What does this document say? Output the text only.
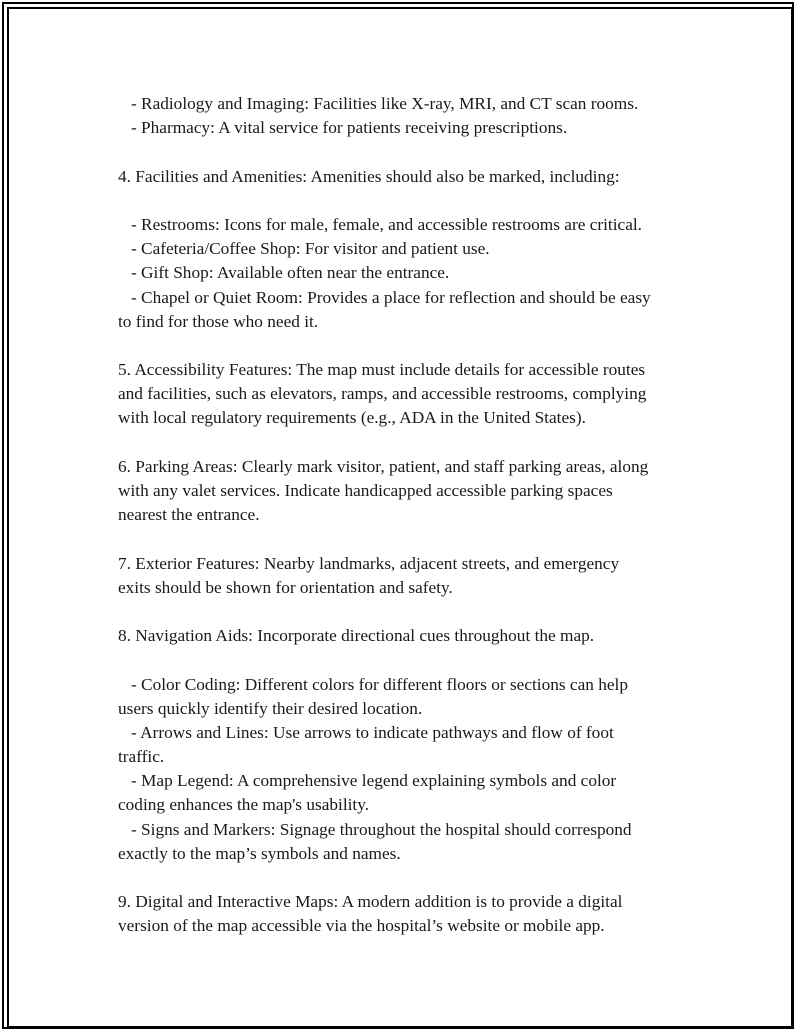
- Radiology and Imaging: Facilities like X-ray, MRI, and CT scan rooms.

- Pharmacy: A vital service for patients receiving prescriptions.

4. Facilities and Amenities: Amenities should also be marked, including:

- Restrooms: Icons for male, female, and accessible restrooms are critical.

- Cafeteria/Coffee Shop: For visitor and patient use.

- Gift Shop: Available often near the entrance.

- Chapel or Quiet Room: Provides a place for reflection and should be easy

to find for those who need it.

5. Accessibility Features: The map must include details for accessible routes

and facilities, such as elevators, ramps, and accessible restrooms, complying

with local regulatory requirements (e.g., ADA in the United States).

6. Parking Areas: Clearly mark visitor, patient, and staff parking areas, along

with any valet services. Indicate handicapped accessible parking spaces

nearest the entrance.

7. Exterior Features: Nearby landmarks, adjacent streets, and emergency

exits should be shown for orientation and safety.

8. Navigation Aids: Incorporate directional cues throughout the map.

- Color Coding: Different colors for different floors or sections can help

users quickly identify their desired location.

- Arrows and Lines: Use arrows to indicate pathways and flow of foot

traffic.

- Map Legend: A comprehensive legend explaining symbols and color

coding enhances the map's usability.

- Signs and Markers: Signage throughout the hospital should correspond

exactly to the map’s symbols and names.

9. Digital and Interactive Maps: A modern addition is to provide a digital

version of the map accessible via the hospital’s website or mobile app.
